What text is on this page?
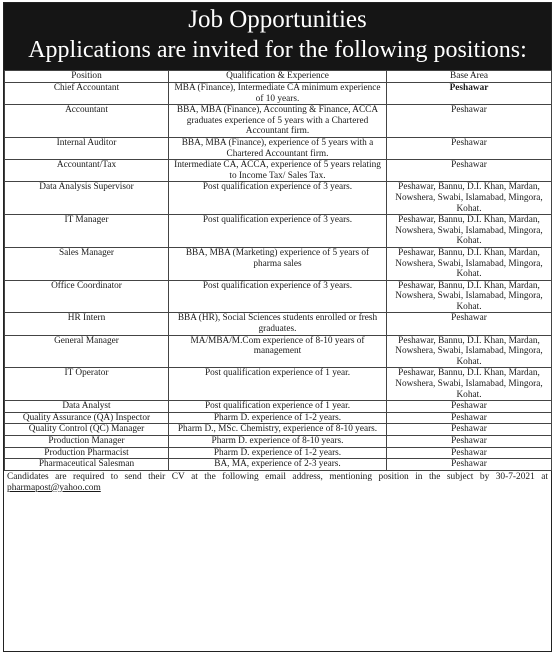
Job Opportunities
Applications are invited for the following positions:
Position	Qualification & Experience	Base Area
Chief Accountant	MBA (Finance), Intermediate CA minimum experience of 10 years.	Peshawar
Accountant	BBA, MBA (Finance), Accounting & Finance, ACCA graduates experience of 5 years with a Chartered Accountant firm.	Peshawar
Internal Auditor	BBA, MBA (Finance), experience of 5 years with a Chartered Accountant firm.	Peshawar
Accountant/Tax	Intermediate CA, ACCA, experience of 5 years relating to Income Tax/ Sales Tax.	Peshawar
Data Analysis Supervisor	Post qualification experience of 3 years.	Peshawar, Bannu, D.I. Khan, Mardan, Nowshera, Swabi, Islamabad, Mingora, Kohat.
IT Manager	Post qualification experience of 3 years.	Peshawar, Bannu, D.I. Khan, Mardan, Nowshera, Swabi, Islamabad, Mingora, Kohat.
Sales Manager	BBA, MBA (Marketing) experience of 5 years of pharma sales	Peshawar, Bannu, D.I. Khan, Mardan, Nowshera, Swabi, Islamabad, Mingora, Kohat.
Office Coordinator	Post qualification experience of 3 years.	Peshawar, Bannu, D.I. Khan, Mardan, Nowshera, Swabi, Islamabad, Mingora, Kohat.
HR Intern	BBA (HR), Social Sciences students enrolled or fresh graduates.	Peshawar
General Manager	MA/MBA/M.Com experience of 8-10 years of management	Peshawar, Bannu, D.I. Khan, Mardan, Nowshera, Swabi, Islamabad, Mingora, Kohat.
IT Operator	Post qualification experience of 1 year.	Peshawar, Bannu, D.I. Khan, Mardan, Nowshera, Swabi, Islamabad, Mingora, Kohat.
Data Analyst	Post qualification experience of 1 year.	Peshawar
Quality Assurance (QA) Inspector	Pharm D. experience of 1-2 years.	Peshawar
Quality Control (QC) Manager	Pharm D., MSc. Chemistry, experience of 8-10 years.	Peshawar
Production Manager	Pharm D. experience of 8-10 years.	Peshawar
Production Pharmacist	Pharm D. experience of 1-2 years.	Peshawar
Pharmaceutical Salesman	BA, MA, experience of 2-3 years.	Peshawar
Candidates are required to send their CV at the following email address, mentioning position in the subject by 30-7-2021 at pharmapost@yahoo.com
